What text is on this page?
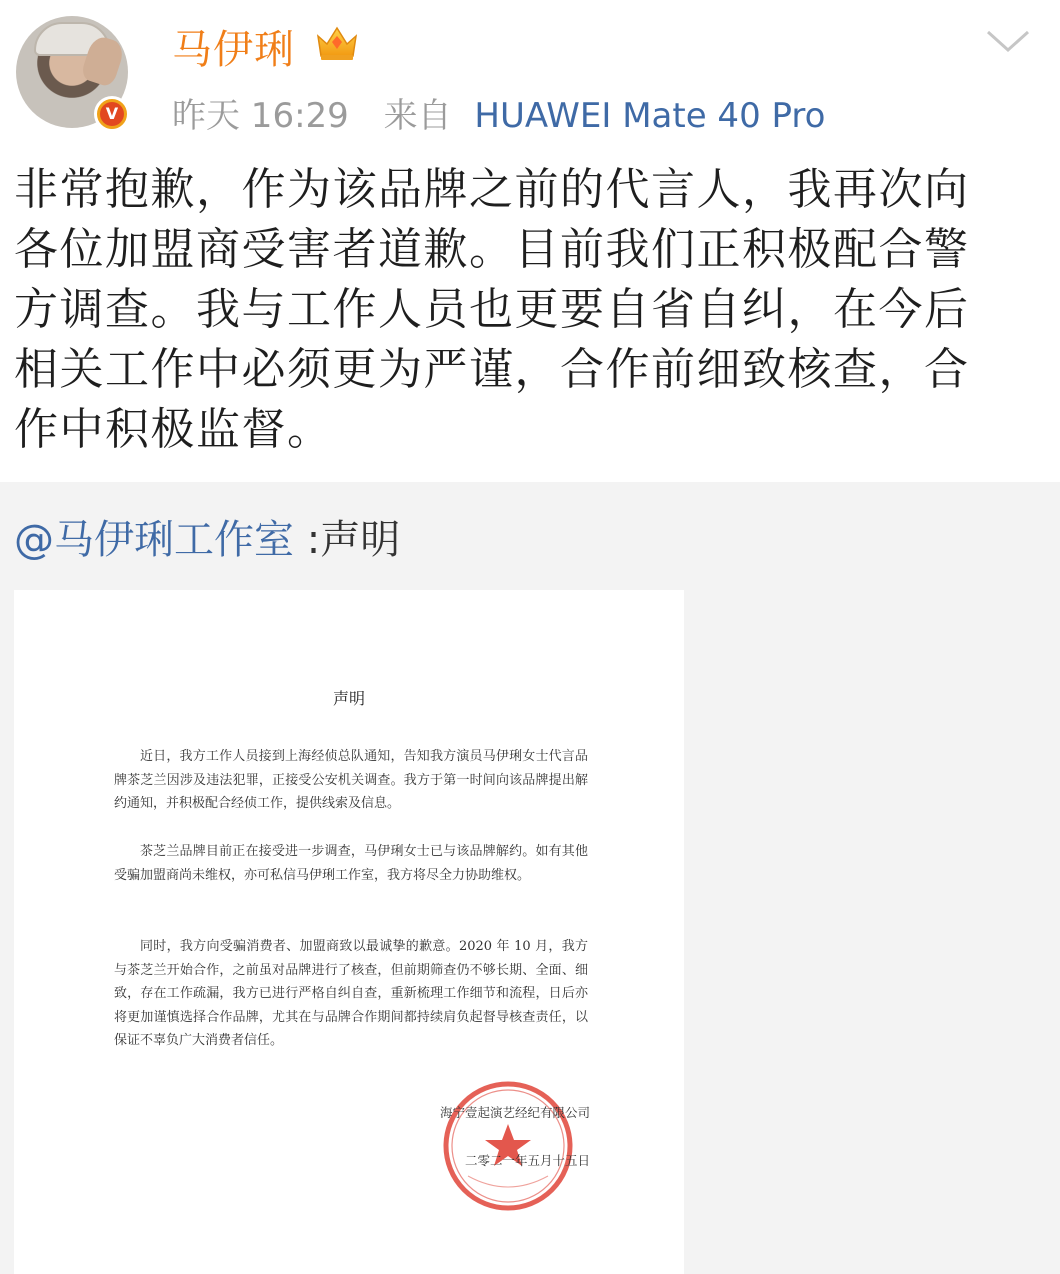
V
马伊琍
昨天 16:29 来自 HUAWEI Mate 40 Pro
非常抱歉，作为该品牌之前的代言人，我再次向各位加盟商受害者道歉。目前我们正积极配合警方调查。我与工作人员也更要自省自纠，在今后相关工作中必须更为严谨，合作前细致核查，合作中积极监督。
@马伊琍工作室 :声明
声明
近日，我方工作人员接到上海经侦总队通知，告知我方演员马伊琍女士代言品牌茶芝兰因涉及违法犯罪，正接受公安机关调查。我方于第一时间向该品牌提出解约通知，并积极配合经侦工作，提供线索及信息。
茶芝兰品牌目前正在接受进一步调查，马伊琍女士已与该品牌解约。如有其他受骗加盟商尚未维权，亦可私信马伊琍工作室，我方将尽全力协助维权。
同时，我方向受骗消费者、加盟商致以最诚挚的歉意。2020 年 10 月，我方与茶芝兰开始合作，之前虽对品牌进行了核查，但前期筛查仍不够长期、全面、细致，存在工作疏漏，我方已进行严格自纠自查，重新梳理工作细节和流程，日后亦将更加谨慎选择合作品牌，尤其在与品牌合作期间都持续肩负起督导核查责任，以保证不辜负广大消费者信任。
海宁壹起演艺经纪有限公司
二零二一年五月十五日
